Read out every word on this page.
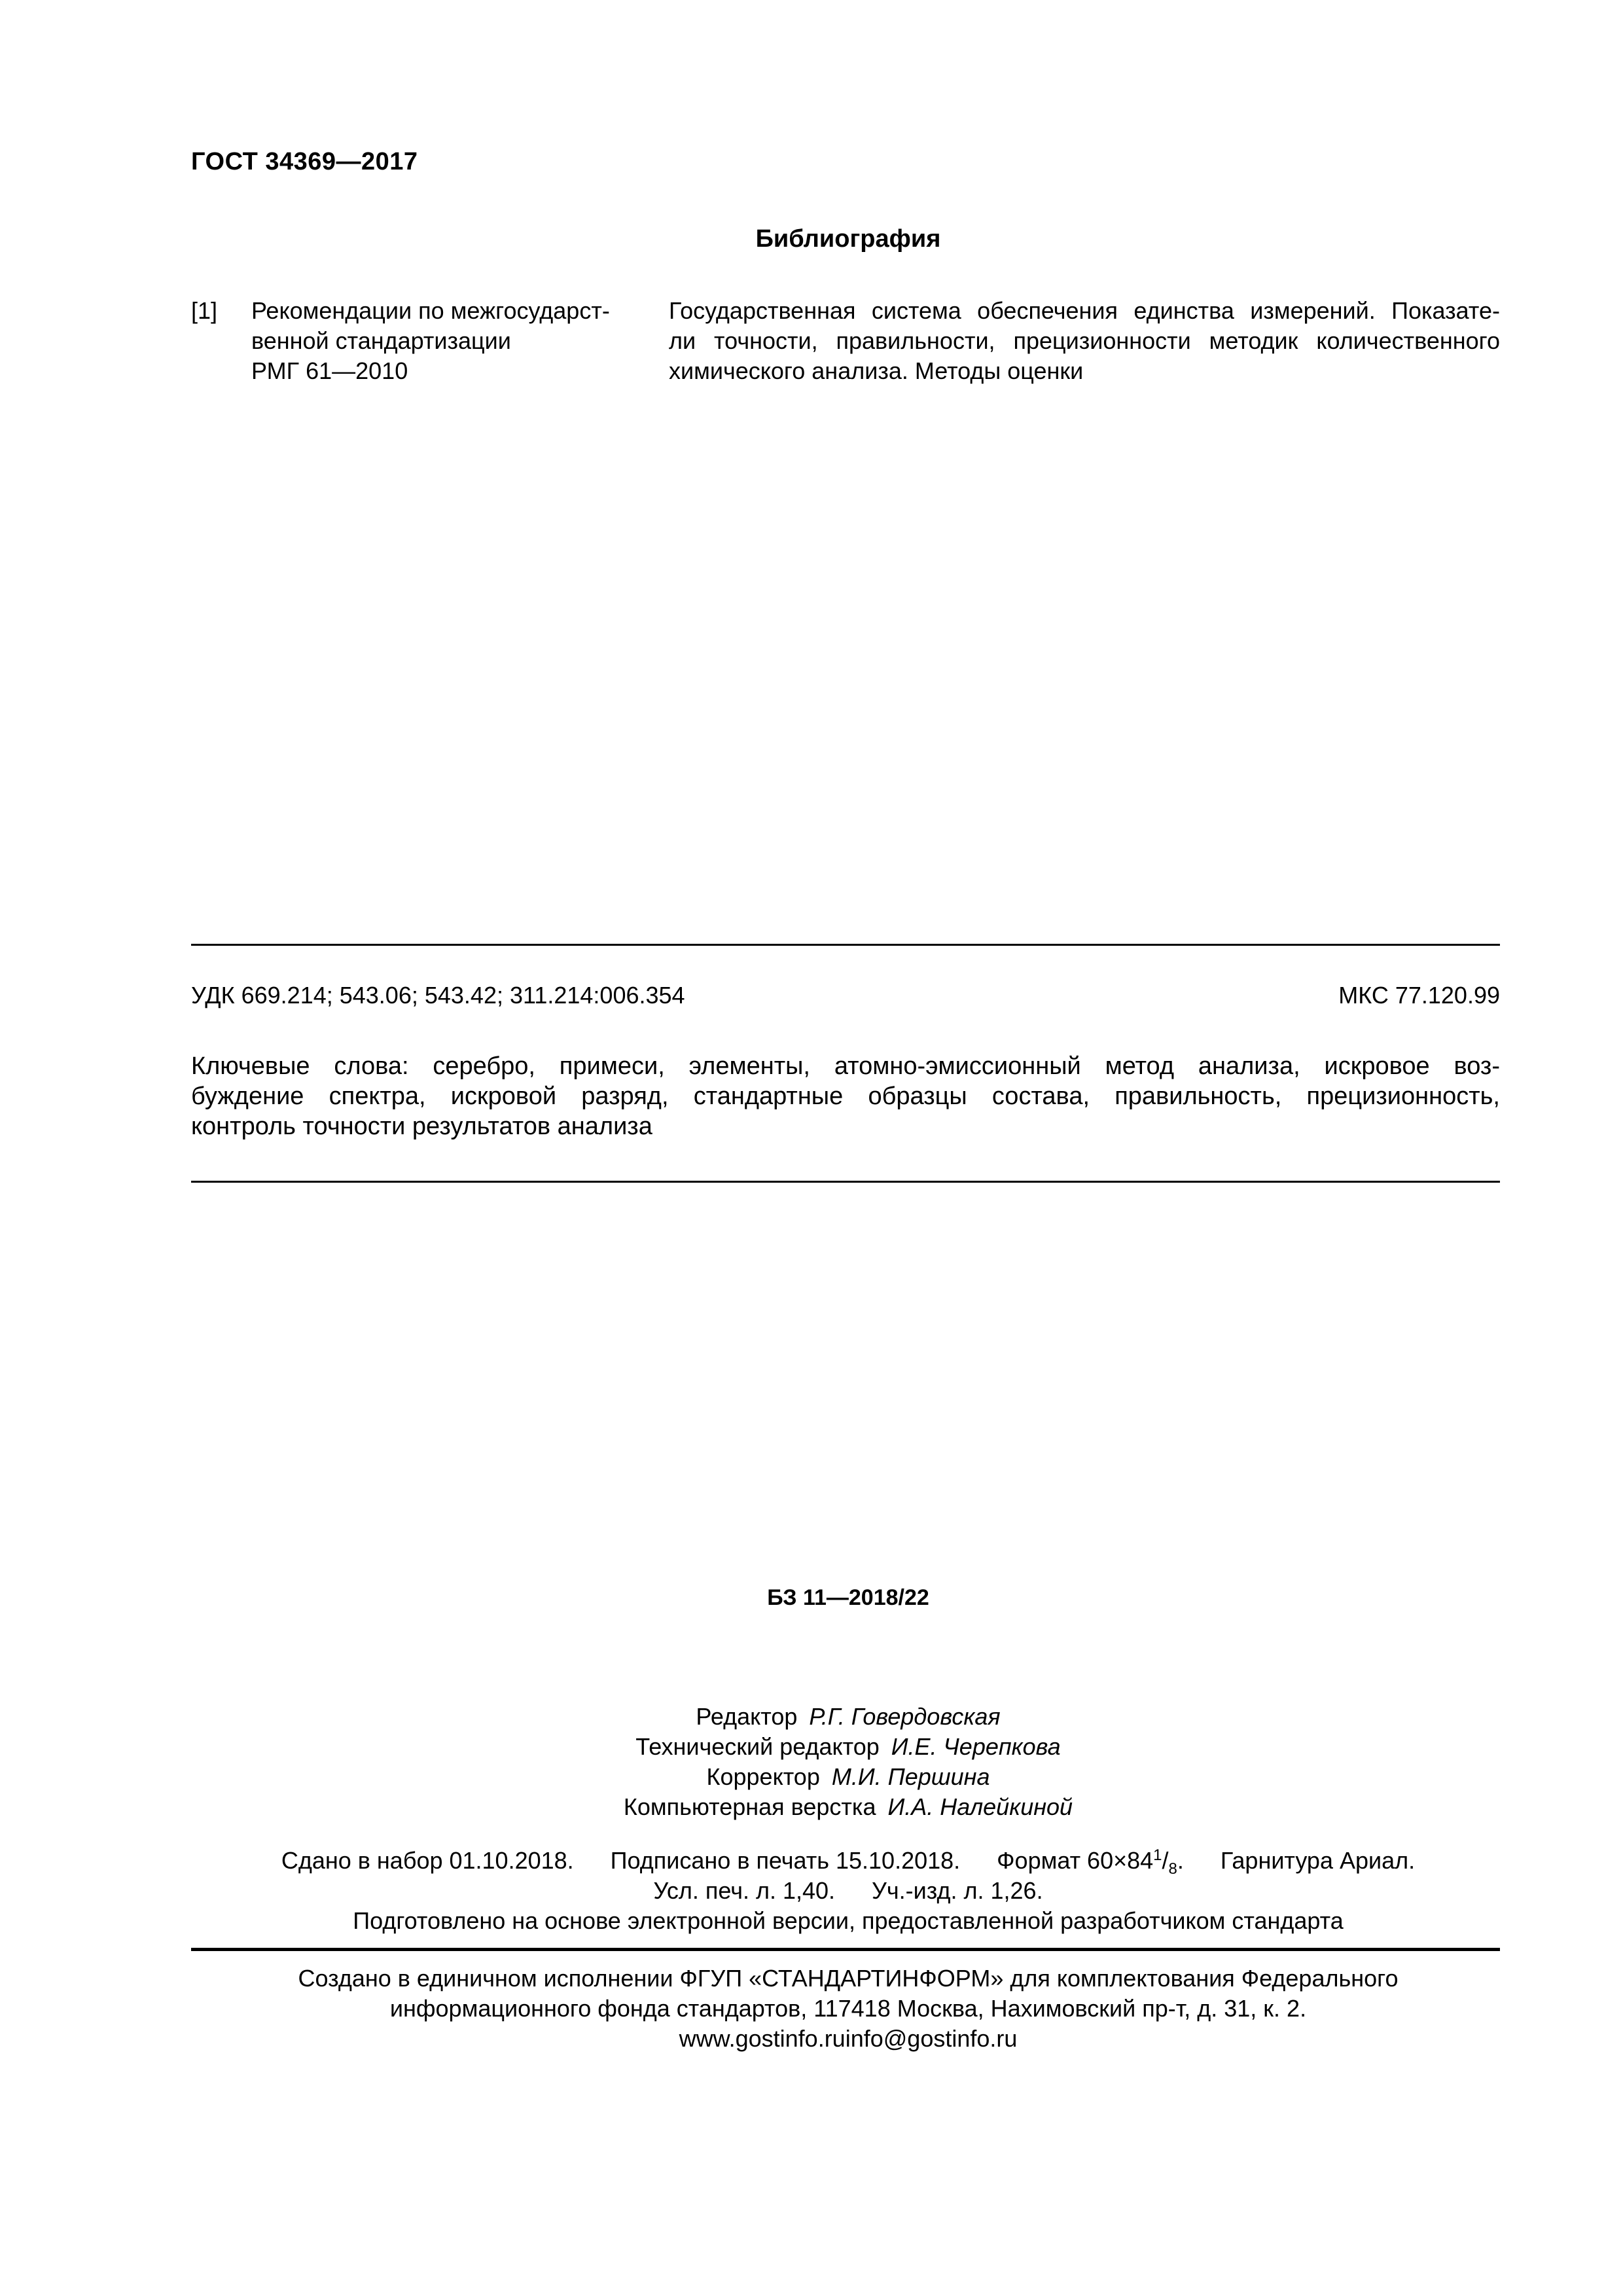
ГОСТ 34369—2017
Библиография
[1] Рекомендации по межгосударст-
венной стандартизации
РМГ 61—2010
Государственная система обеспечения единства измерений. Показате-
ли точности, правильности, прецизионности методик количественного
химического анализа. Методы оценки
УДК 669.214; 543.06; 543.42; 311.214:006.354	МКС 77.120.99
Ключевые слова: серебро, примеси, элементы, атомно-эмиссионный метод анализа, искровое воз-
буждение спектра, искровой разряд, стандартные образцы состава, правильность, прецизионность,
контроль точности результатов анализа
БЗ 11—2018/22
Редактор Р.Г. Говердовская
Технический редактор И.Е. Черепкова
Корректор М.И. Першина
Компьютерная верстка И.А. Налейкиной
Сдано в набор 01.10.2018. Подписано в печать 15.10.2018. Формат $60\times 84^1/_8$. Гарнитура Ариал.
Усл. печ. л. 1,40. Уч.-изд. л. 1,26.
Подготовлено на основе электронной версии, предоставленной разработчиком стандарта
Создано в единичном исполнении ФГУП «СТАНДАРТИНФОРМ» для комплектования Федерального
информационного фонда стандартов, 117418 Москва, Нахимовский пр-т, д. 31, к. 2.
www.gostinfo.ruinfo@gostinfo.ru
